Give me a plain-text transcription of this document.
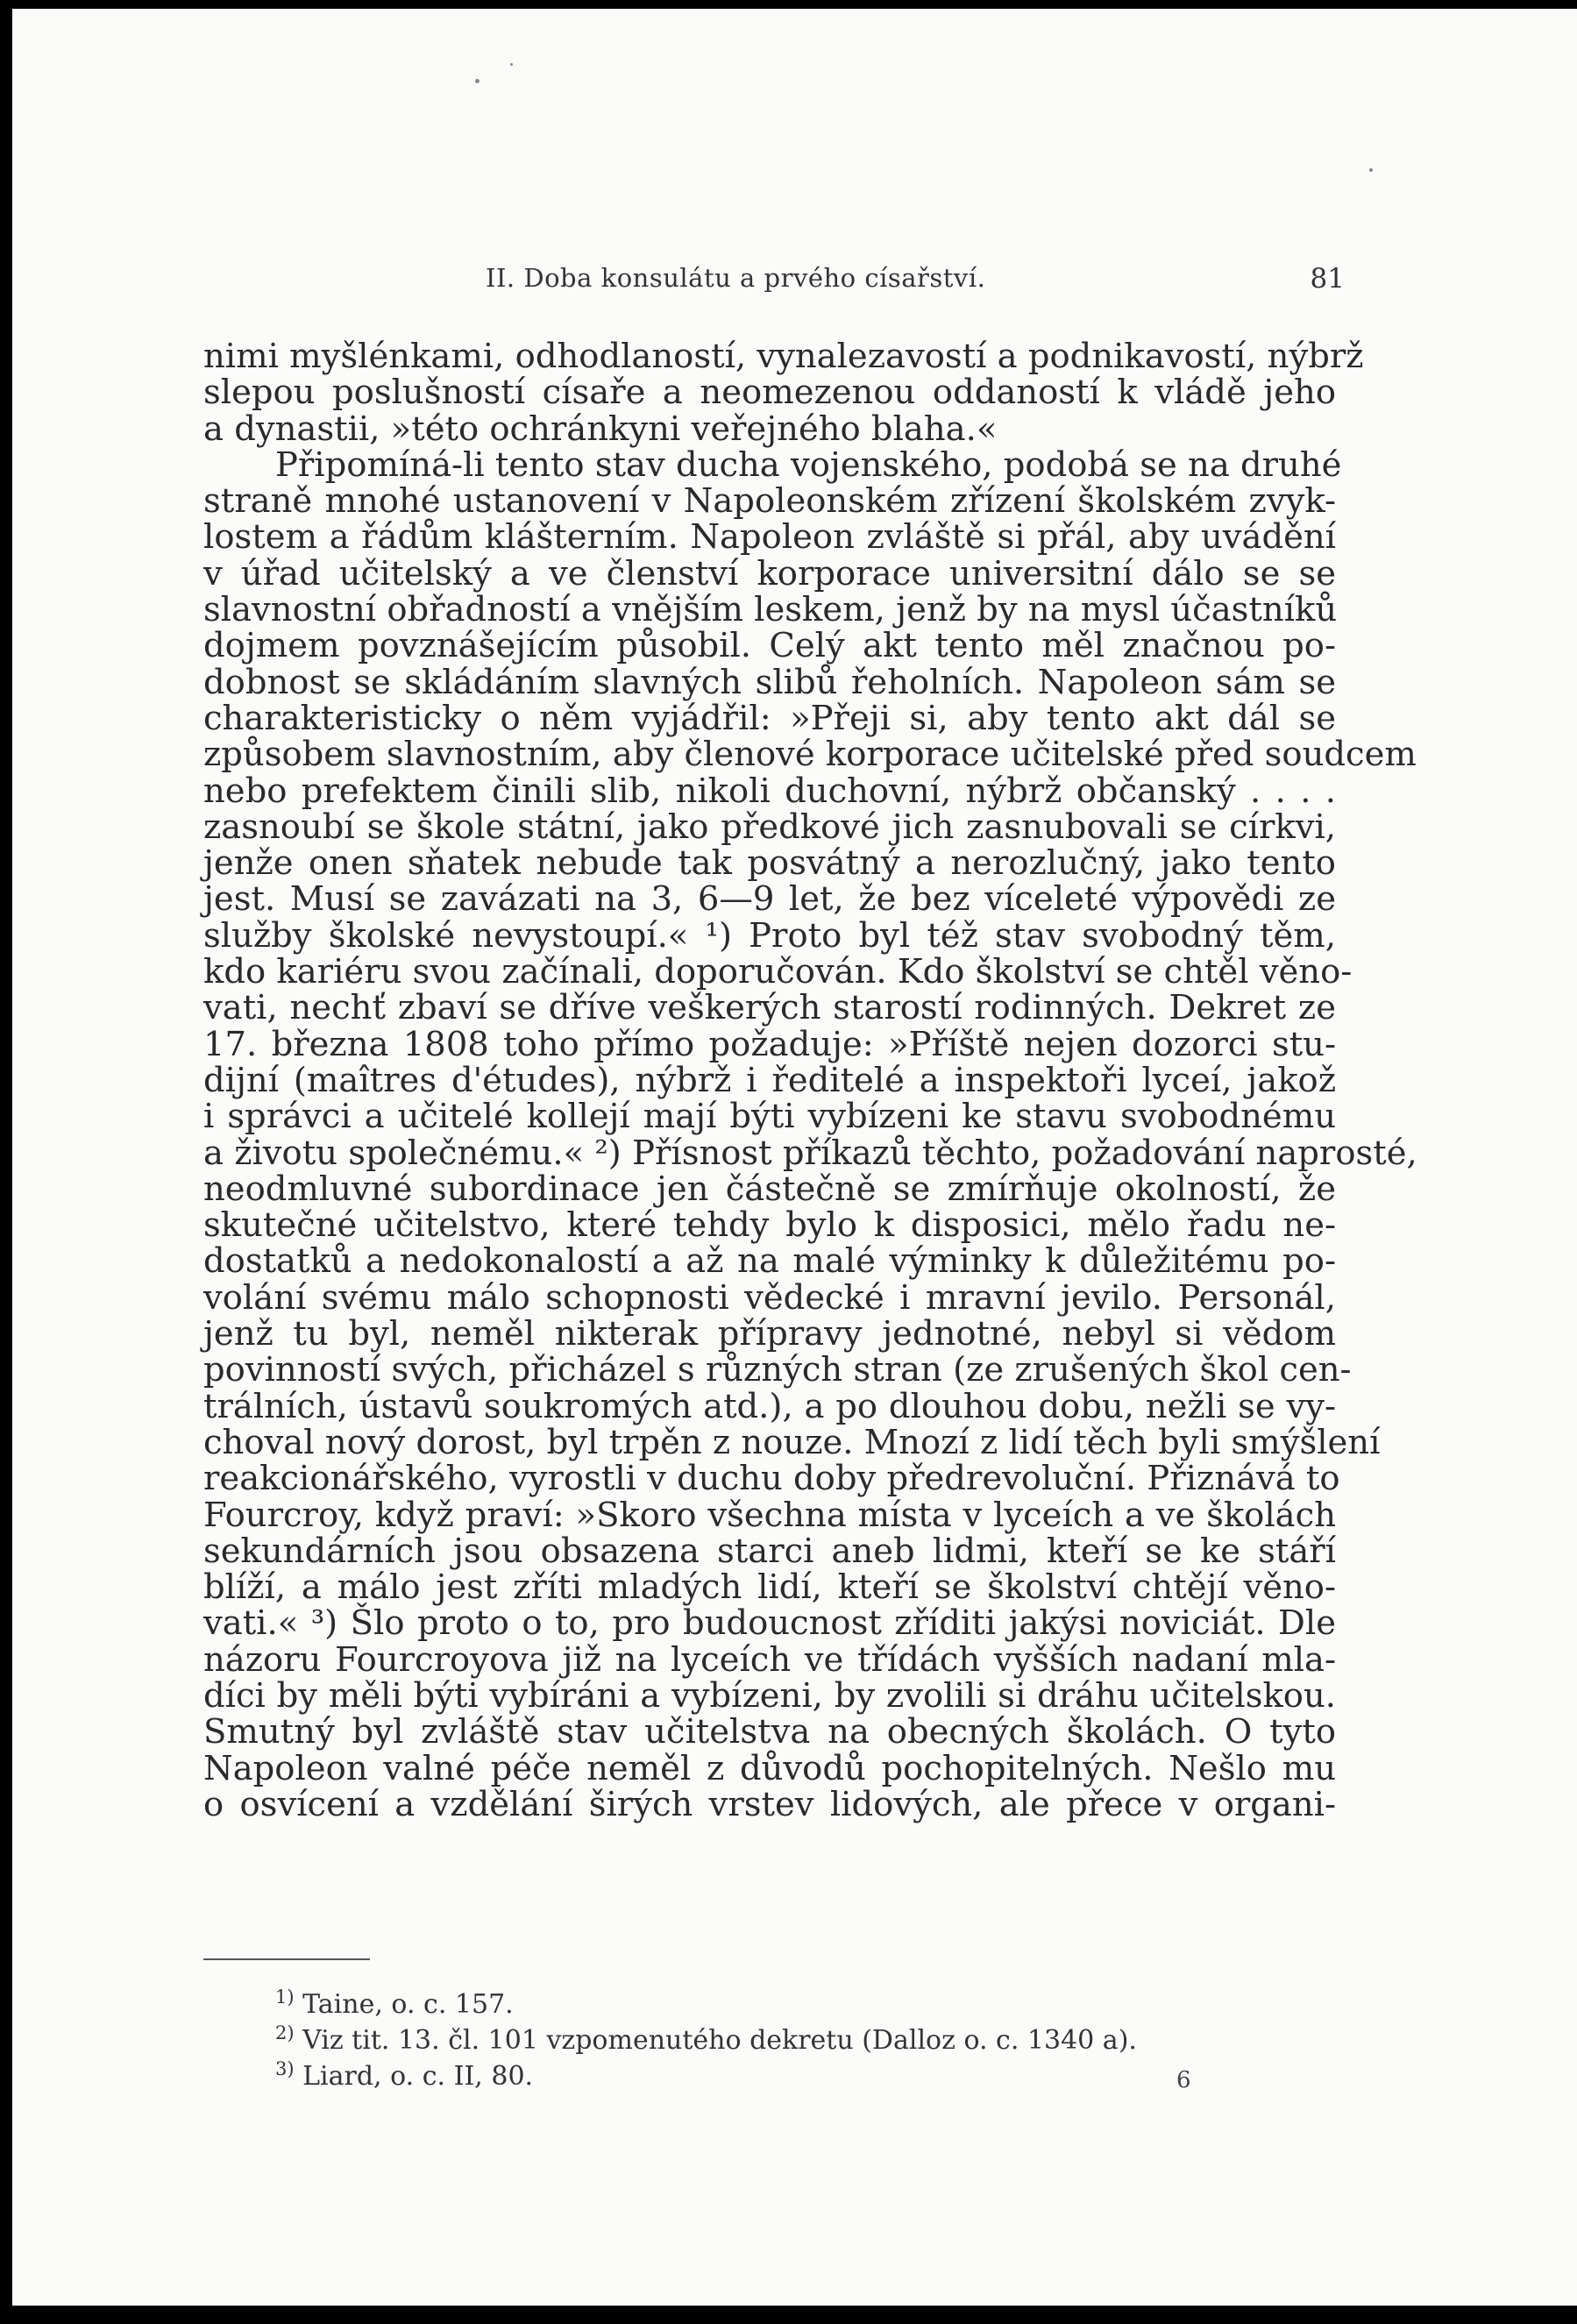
II. Doba konsulátu a prvého císařství.	81
nimi myšlénkami, odhodlaností, vynalezavostí a podnikavostí, nýbrž
slepou poslušností císaře a neomezenou oddaností k vládě jeho
a dynastii, »této ochránkyni veřejného blaha.«
Připomíná-li tento stav ducha vojenského, podobá se na druhé
straně mnohé ustanovení v Napoleonském zřízení školském zvyk-
lostem a řádům klášterním. Napoleon zvláště si přál, aby uvádění
v úřad učitelský a ve členství korporace universitní dálo se se
slavnostní obřadností a vnějším leskem, jenž by na mysl účastníků
dojmem povznášejícím působil. Celý akt tento měl značnou po-
dobnost se skládáním slavných slibů řeholních. Napoleon sám se
charakteristicky o něm vyjádřil: »Přeji si, aby tento akt dál se
způsobem slavnostním, aby členové korporace učitelské před soudcem
nebo prefektem činili slib, nikoli duchovní, nýbrž občanský . . . .
zasnoubí se škole státní, jako předkové jich zasnubovali se církvi,
jenže onen sňatek nebude tak posvátný a nerozlučný, jako tento
jest. Musí se zavázati na 3, 6—9 let, že bez víceleté výpovědi ze
služby školské nevystoupí.« ¹) Proto byl též stav svobodný těm,
kdo kariéru svou začínali, doporučován. Kdo školství se chtěl věno-
vati, nechť zbaví se dříve veškerých starostí rodinných. Dekret ze
17. března 1808 toho přímo požaduje: »Příště nejen dozorci stu-
dijní (maîtres d'études), nýbrž i ředitelé a inspektoři lyceí, jakož
i správci a učitelé kollejí mají býti vybízeni ke stavu svobodnému
a životu společnému.« ²) Přísnost příkazů těchto, požadování naprosté,
neodmluvné subordinace jen částečně se zmírňuje okolností, že
skutečné učitelstvo, které tehdy bylo k disposici, mělo řadu ne-
dostatků a nedokonalostí a až na malé výminky k důležitému po-
volání svému málo schopnosti vědecké i mravní jevilo. Personál,
jenž tu byl, neměl nikterak přípravy jednotné, nebyl si vědom
povinností svých, přicházel s různých stran (ze zrušených škol cen-
trálních, ústavů soukromých atd.), a po dlouhou dobu, nežli se vy-
choval nový dorost, byl trpěn z nouze. Mnozí z lidí těch byli smýšlení
reakcionářského, vyrostli v duchu doby předrevoluční. Přiznává to
Fourcroy, když praví: »Skoro všechna místa v lyceích a ve školách
sekundárních jsou obsazena starci aneb lidmi, kteří se ke stáří
blíží, a málo jest zříti mladých lidí, kteří se školství chtějí věno-
vati.« ³) Šlo proto o to, pro budoucnost zříditi jakýsi noviciát. Dle
názoru Fourcroyova již na lyceích ve třídách vyšších nadaní mla-
díci by měli býti vybíráni a vybízeni, by zvolili si dráhu učitelskou.
Smutný byl zvláště stav učitelstva na obecných školách. O tyto
Napoleon valné péče neměl z důvodů pochopitelných. Nešlo mu
o osvícení a vzdělání širých vrstev lidových, ale přece v organi-
$^{1)}$ Taine, o. c. 157.
$^{2)}$ Viz tit. 13. čl. 101 vzpomenutého dekretu (Dalloz o. c. 1340 a).
$^{3)}$ Liard, o. c. II, 80.	6
